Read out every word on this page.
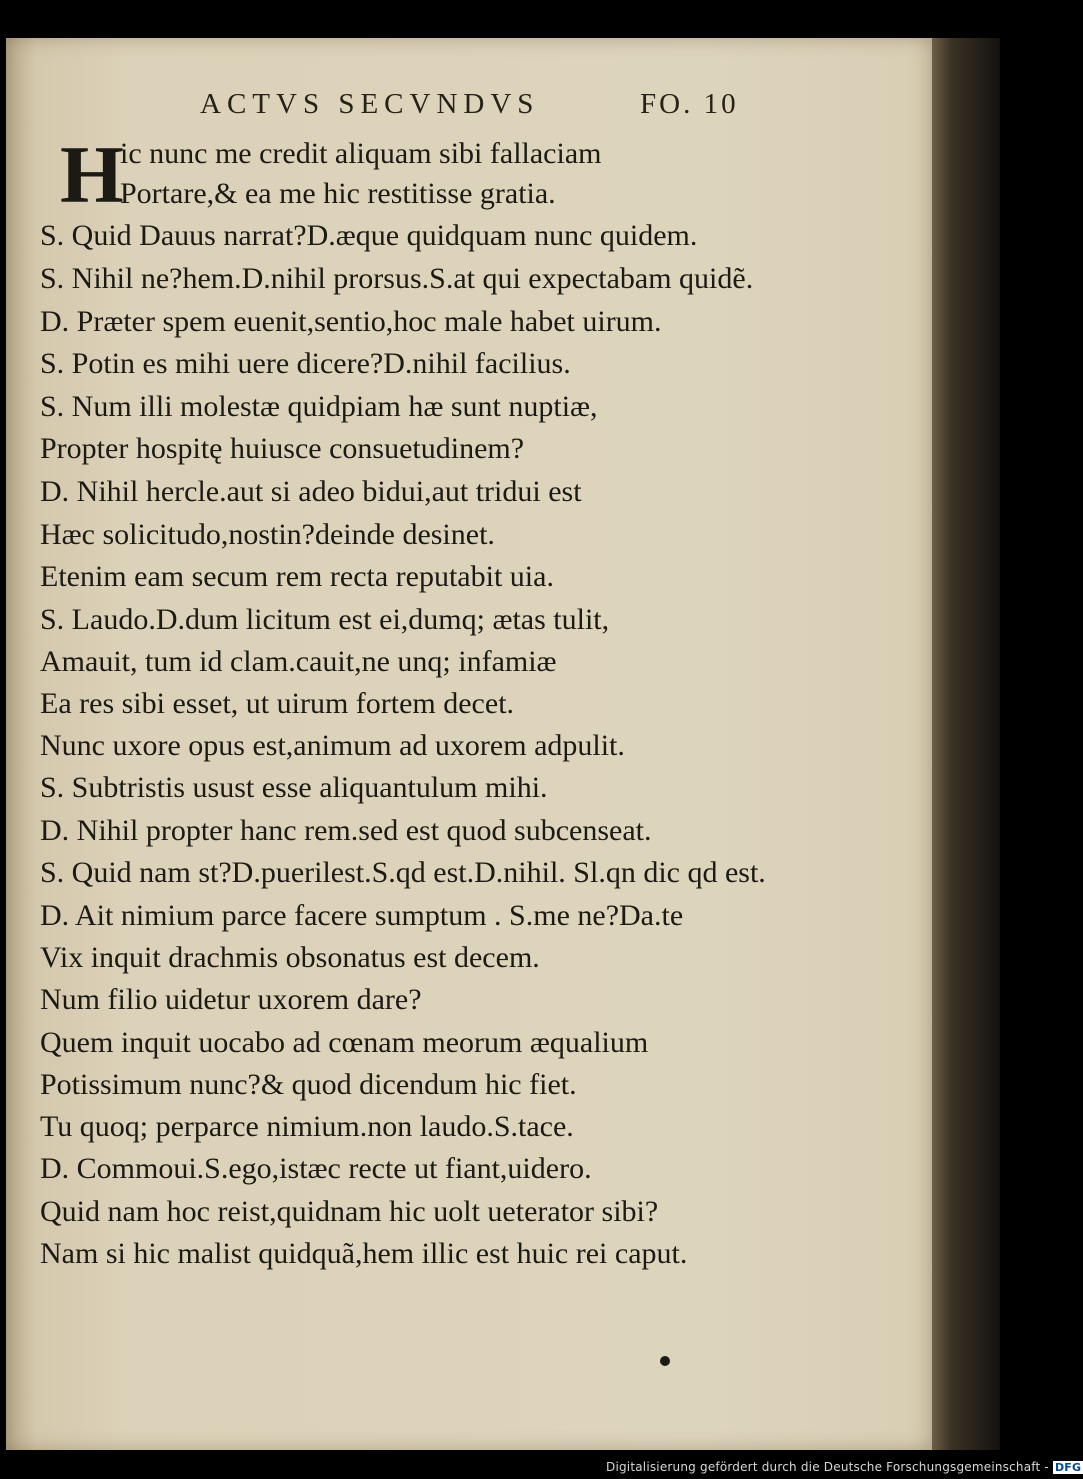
ACTVS SECVNDVS	FO. 10
H
ic nunc me credit aliquam sibi fallaciam
Portare,& ea me hic restitisse gratia.
S. Quid Dauus narrat?D.æque quidquam nunc quidem.
S. Nihil ne?hem.D.nihil prorsus.S.at qui expectabam quidẽ.
D. Præter spem euenit,sentio,hoc male habet uirum.
S. Potin es mihi uere dicere?D.nihil facilius.
S. Num illi molestæ quidpiam hæ sunt nuptiæ,
Propter hospitę huiusce consuetudinem?
D. Nihil hercle.aut si adeo bidui,aut tridui est
Hæc solicitudo,nostin?deinde desinet.
Etenim eam secum rem recta reputabit uia.
S. Laudo.D.dum licitum est ei,dumq; ætas tulit,
Amauit, tum id clam.cauit,ne unq; infamiæ
Ea res sibi esset, ut uirum fortem decet.
Nunc uxore opus est,animum ad uxorem adpulit.
S. Subtristis usust esse aliquantulum mihi.
D. Nihil propter hanc rem.sed est quod subcenseat.
S. Quid nam st?D.puerilest.S.qd est.D.nihil. Sl.qn dic qd est.
D. Ait nimium parce facere sumptum . S.me ne?Da.te
Vix inquit drachmis obsonatus est decem.
Num filio uidetur uxorem dare?
Quem inquit uocabo ad cœnam meorum æqualium
Potissimum nunc?& quod dicendum hic fiet.
Tu quoq; perparce nimium.non laudo.S.tace.
D. Commoui.S.ego,istæc recte ut fiant,uidero.
Quid nam hoc reist,quidnam hic uolt ueterator sibi?
Nam si hic malist quidquã,hem illic est huic rei caput.
Digitalisierung gefördert durch die Deutsche Forschungsgemeinschaft - DFG
